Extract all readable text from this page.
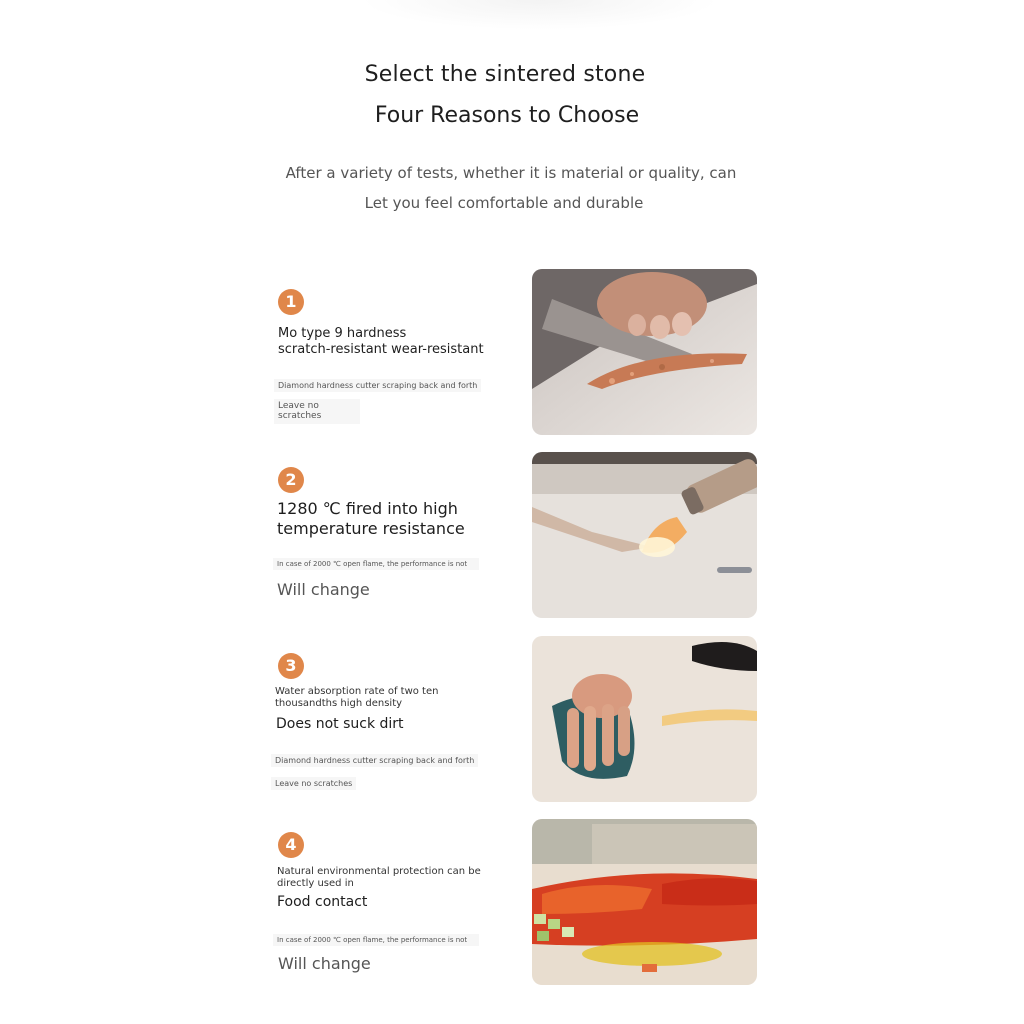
Select the sintered stone
Four Reasons to Choose
After a variety of tests, whether it is material or quality, can
Let you feel comfortable and durable
1
Mo type 9 hardness
scratch-resistant wear-resistant
Diamond hardness cutter scraping back and forth
Leave no
scratches
2
1280 ℃ fired into high
temperature resistance
In case of 2000 ℃ open flame, the performance is not
Will change
3
Water absorption rate of two ten
thousandths high density
Does not suck dirt
Diamond hardness cutter scraping back and forth
Leave no scratches
4
Natural environmental protection can be
directly used in
Food contact
In case of 2000 ℃ open flame, the performance is not
Will change
